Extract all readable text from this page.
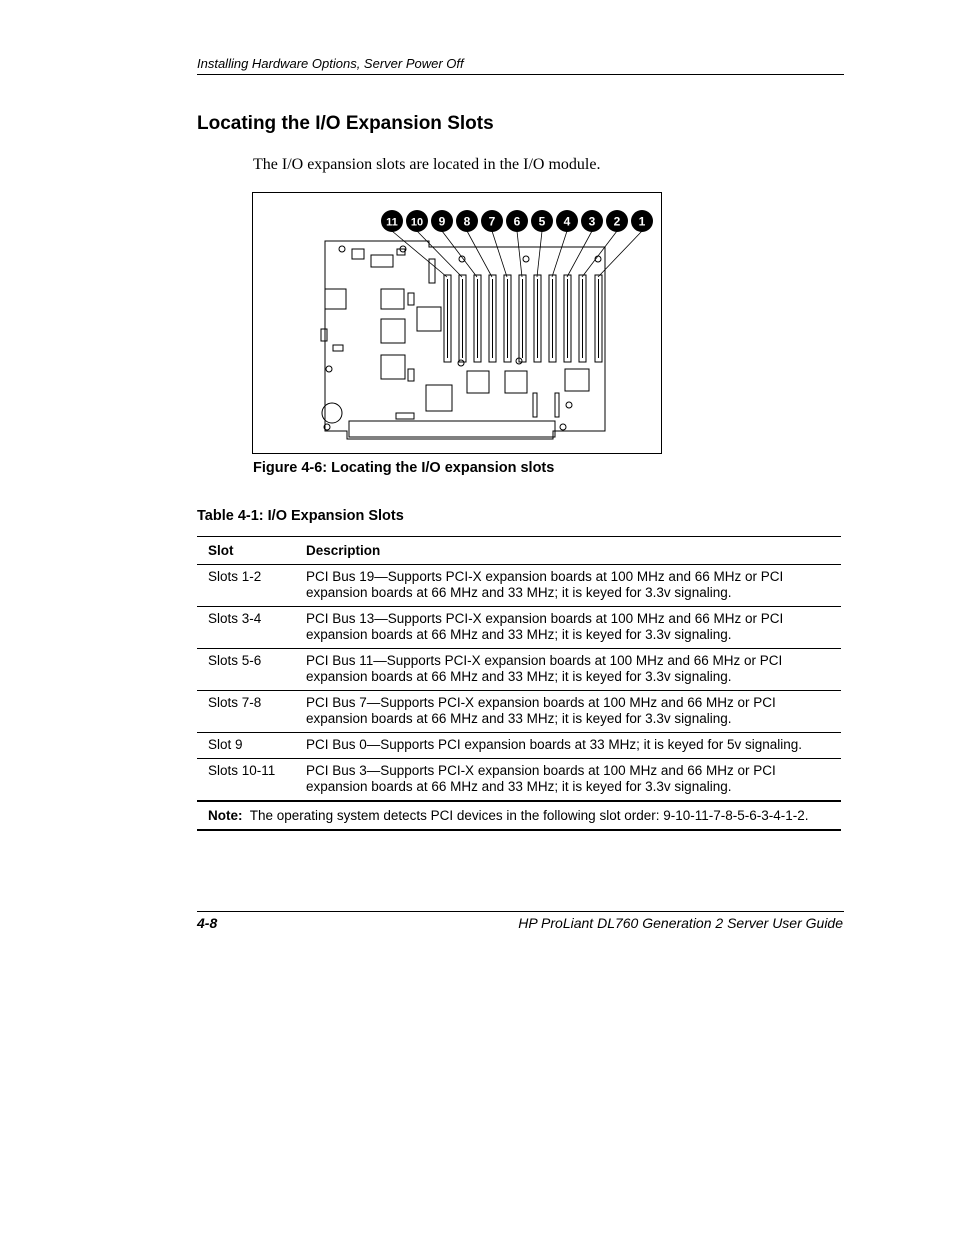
Installing Hardware Options, Server Power Off
Locating the I/O Expansion Slots
The I/O expansion slots are located in the I/O module.
11 10 9 8 7 6 5 4 3 2 1
Figure 4-6: Locating the I/O expansion slots
Table 4-1: I/O Expansion Slots
Slot	Description
Slots 1-2	PCI Bus 19—Supports PCI-X expansion boards at 100 MHz and 66 MHz or PCI expansion boards at 66 MHz and 33 MHz; it is keyed for 3.3v signaling.
Slots 3-4	PCI Bus 13—Supports PCI-X expansion boards at 100 MHz and 66 MHz or PCI expansion boards at 66 MHz and 33 MHz; it is keyed for 3.3v signaling.
Slots 5-6	PCI Bus 11—Supports PCI-X expansion boards at 100 MHz and 66 MHz or PCI expansion boards at 66 MHz and 33 MHz; it is keyed for 3.3v signaling.
Slots 7-8	PCI Bus 7—Supports PCI-X expansion boards at 100 MHz and 66 MHz or PCI expansion boards at 66 MHz and 33 MHz; it is keyed for 3.3v signaling.
Slot 9	PCI Bus 0—Supports PCI expansion boards at 33 MHz; it is keyed for 5v signaling.
Slots 10-11	PCI Bus 3—Supports PCI-X expansion boards at 100 MHz and 66 MHz or PCI expansion boards at 66 MHz and 33 MHz; it is keyed for 3.3v signaling.
Note: The operating system detects PCI devices in the following slot order: 9-10-11-7-8-5-6-3-4-1-2.	
4-8	HP ProLiant DL760 Generation 2 Server User Guide
